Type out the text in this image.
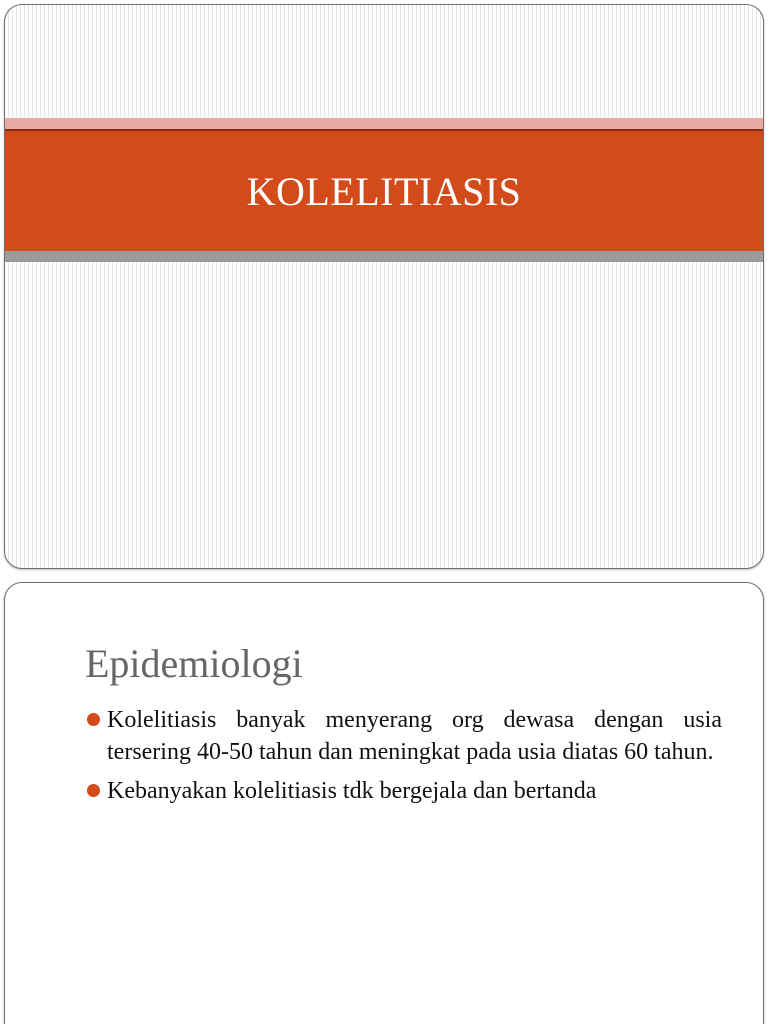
KOLELITIASIS
Epidemiologi
Kolelitiasis banyak menyerang org dewasa dengan usia tersering 40-50 tahun dan meningkat pada usia diatas 60 tahun.
Kebanyakan kolelitiasis tdk bergejala dan bertanda
